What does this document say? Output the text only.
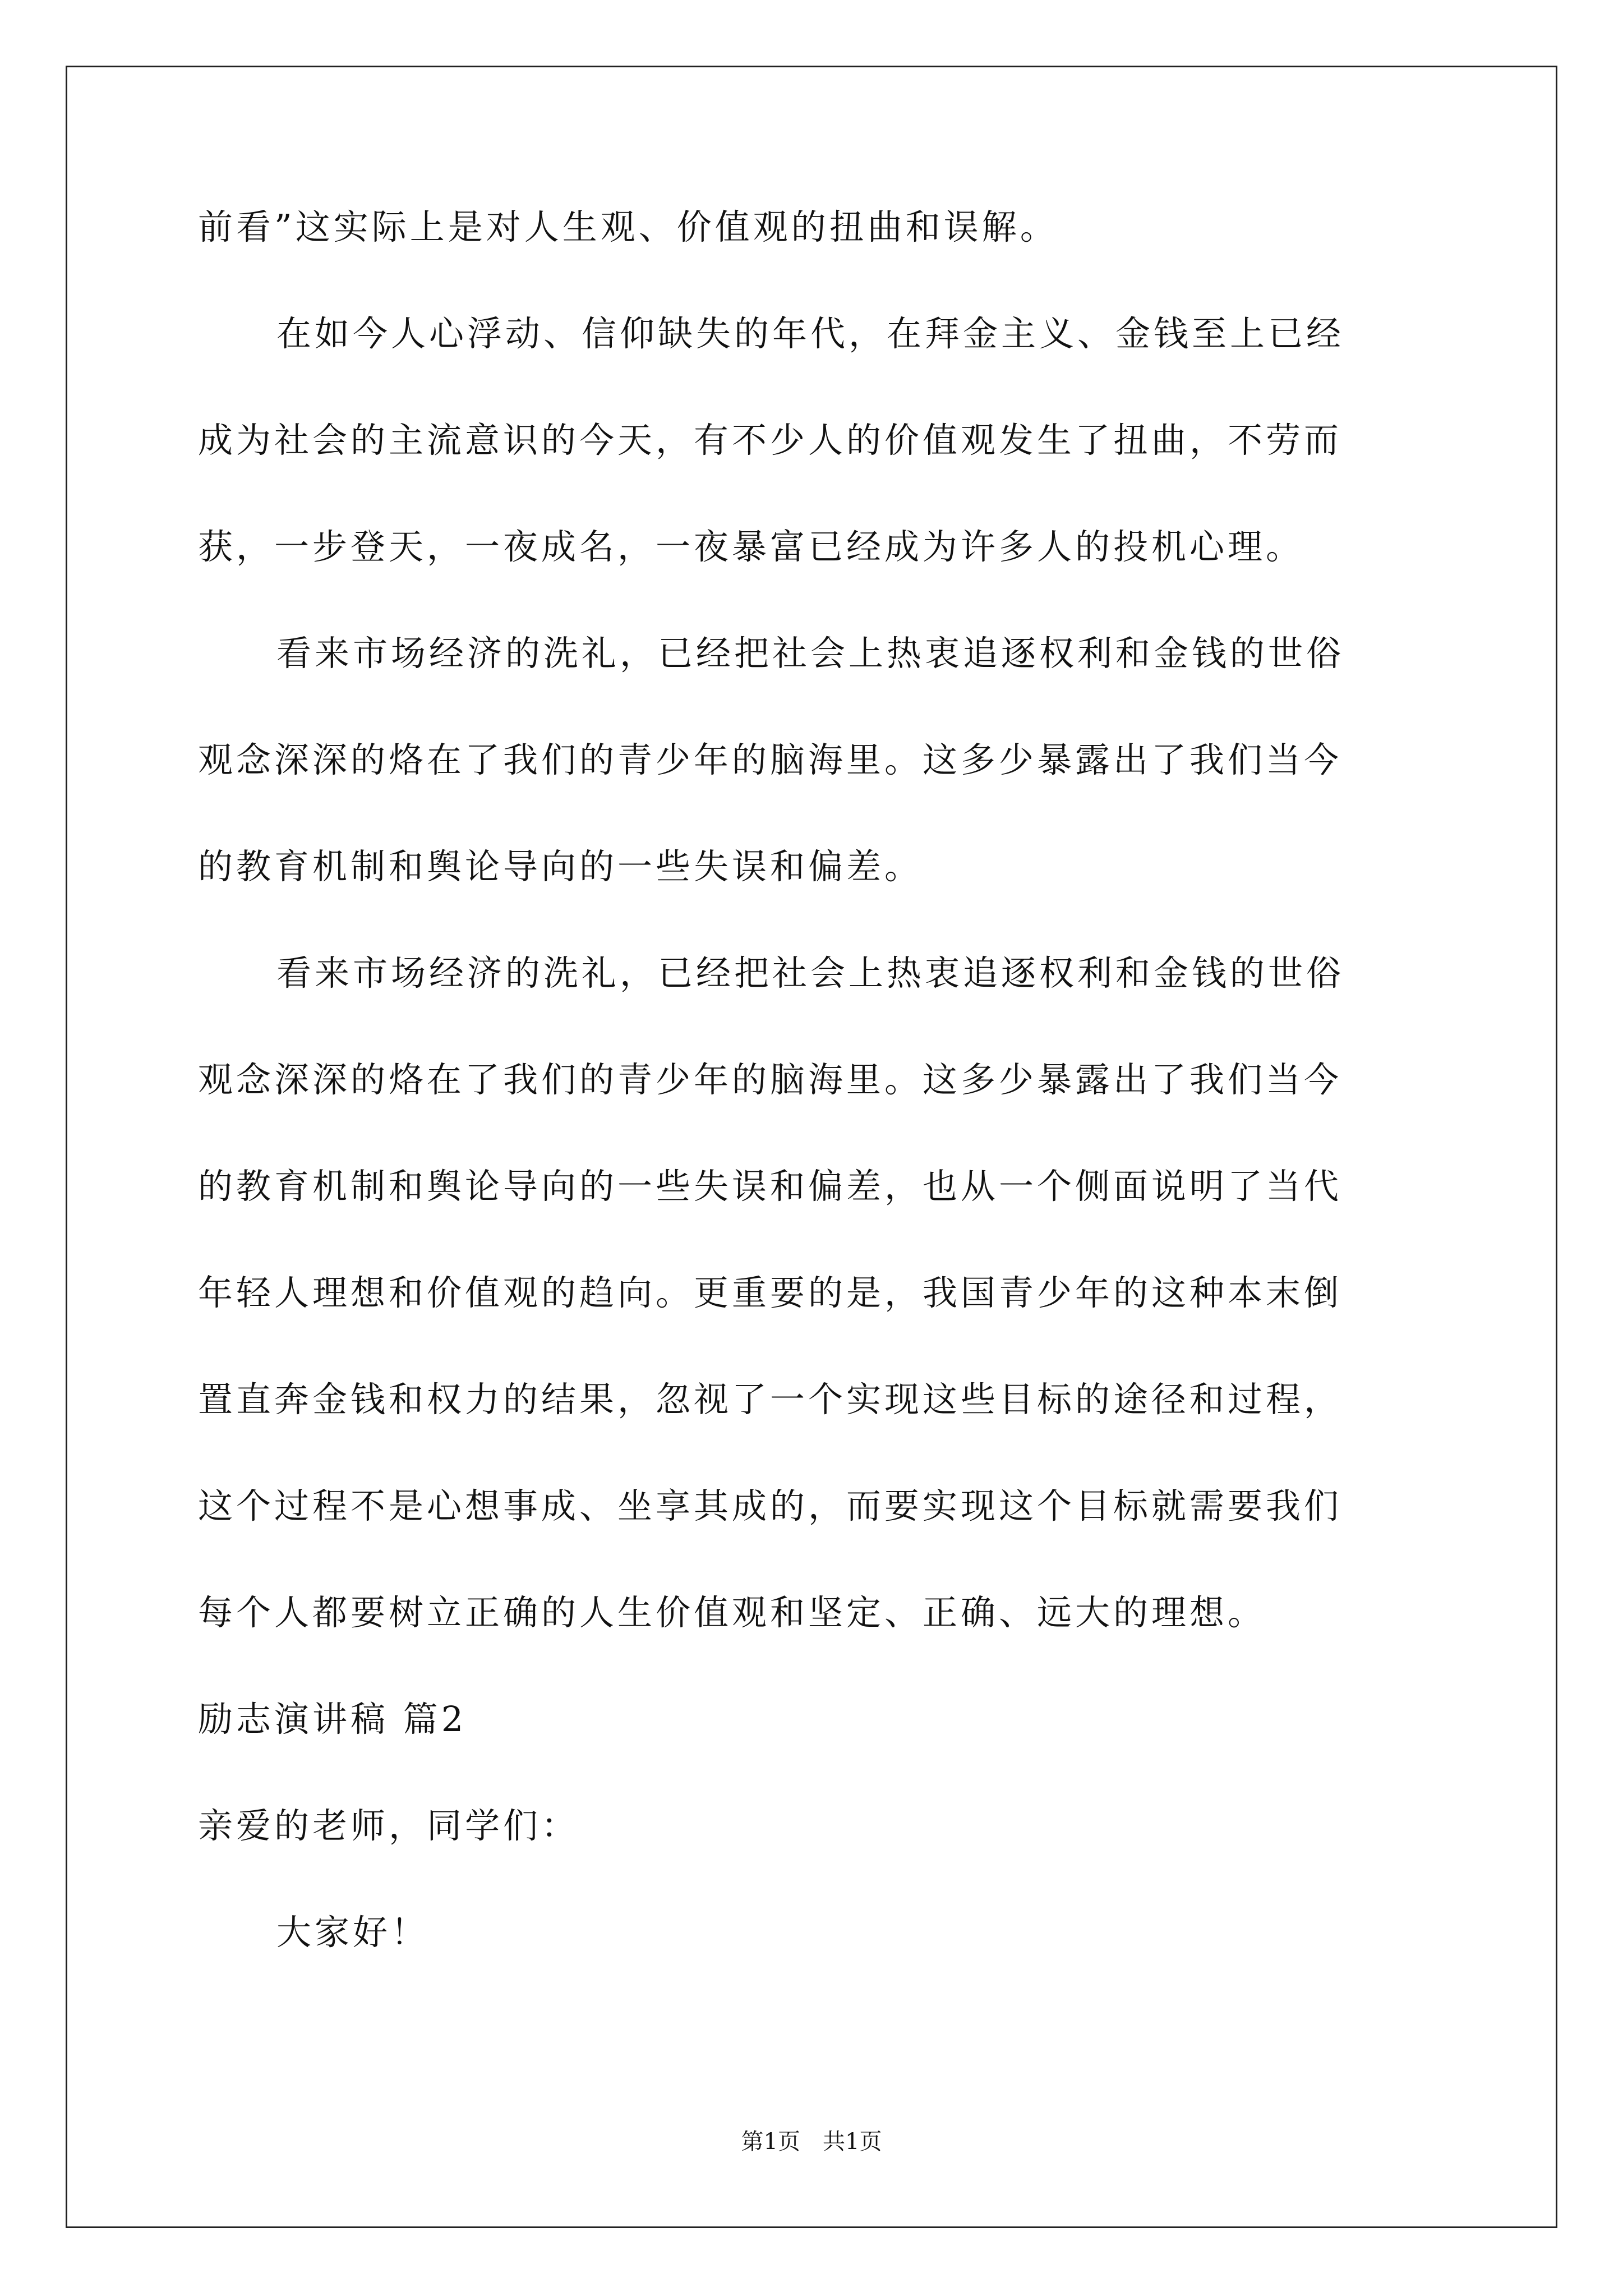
前看”这实际上是对人生观、价值观的扭曲和误解。
在如今人心浮动、信仰缺失的年代，在拜金主义、金钱至上已经
成为社会的主流意识的今天，有不少人的价值观发生了扭曲，不劳而
获，一步登天，一夜成名，一夜暴富已经成为许多人的投机心理。
看来市场经济的洗礼，已经把社会上热衷追逐权利和金钱的世俗
观念深深的烙在了我们的青少年的脑海里。这多少暴露出了我们当今
的教育机制和舆论导向的一些失误和偏差。
看来市场经济的洗礼，已经把社会上热衷追逐权利和金钱的世俗
观念深深的烙在了我们的青少年的脑海里。这多少暴露出了我们当今
的教育机制和舆论导向的一些失误和偏差，也从一个侧面说明了当代
年轻人理想和价值观的趋向。更重要的是，我国青少年的这种本末倒
置直奔金钱和权力的结果，忽视了一个实现这些目标的途径和过程，
这个过程不是心想事成、坐享其成的，而要实现这个目标就需要我们
每个人都要树立正确的人生价值观和坚定、正确、远大的理想。
励志演讲稿 篇2
亲爱的老师，同学们：
大家好！
第1页　共1页
